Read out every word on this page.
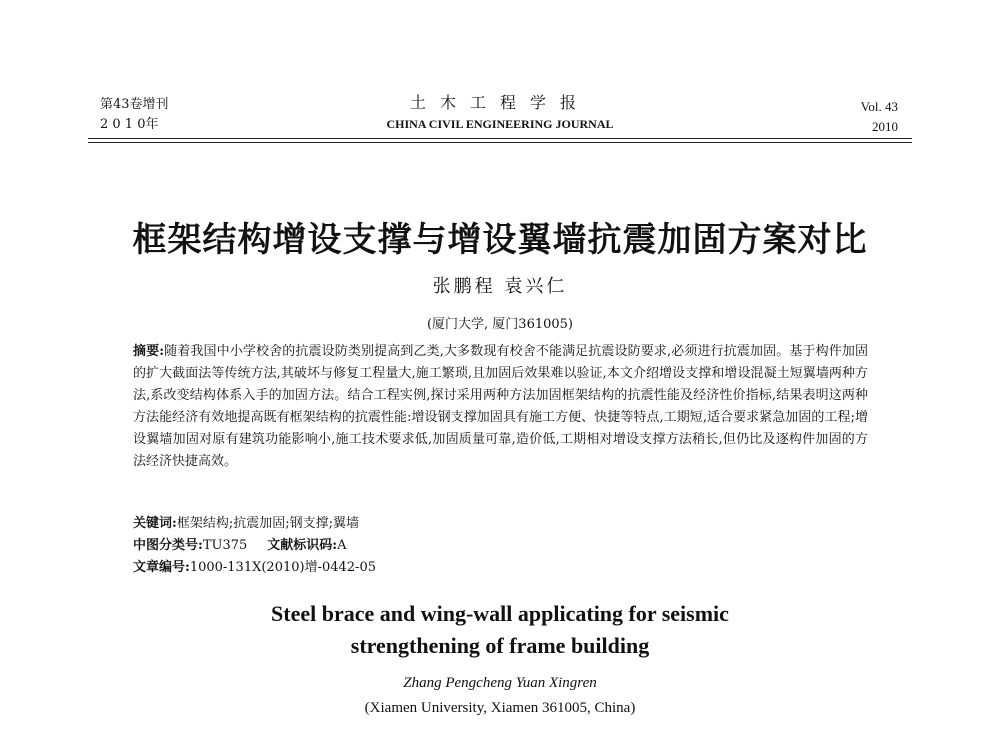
第43卷增刊
2 0 1 0年
土木工程学报
CHINA CIVIL ENGINEERING JOURNAL
Vol. 43
2010
框架结构增设支撑与增设翼墙抗震加固方案对比
张鹏程 袁兴仁
(厦门大学, 厦门361005)
摘要:随着我国中小学校舍的抗震设防类别提高到乙类,大多数现有校舍不能满足抗震设防要求,必须进行抗震加固。基于构件加固的扩大截面法等传统方法,其破坏与修复工程量大,施工繁琐,且加固后效果难以验证,本文介绍增设支撑和增设混凝土短翼墙两种方法,系改变结构体系入手的加固方法。结合工程实例,探讨采用两种方法加固框架结构的抗震性能及经济性价指标,结果表明这两种方法能经济有效地提高既有框架结构的抗震性能:增设钢支撑加固具有施工方便、快捷等特点,工期短,适合要求紧急加固的工程;增设翼墙加固对原有建筑功能影响小,施工技术要求低,加固质量可靠,造价低,工期相对增设支撑方法稍长,但仍比及逐构件加固的方法经济快捷高效。
关键词:框架结构;抗震加固;钢支撑;翼墙
中图分类号:TU375 文献标识码:A
文章编号:1000-131X(2010)增-0442-05
Steel brace and wing-wall applicating for seismic
strengthening of frame building
Zhang Pengcheng Yuan Xingren
(Xiamen University, Xiamen 361005, China)
